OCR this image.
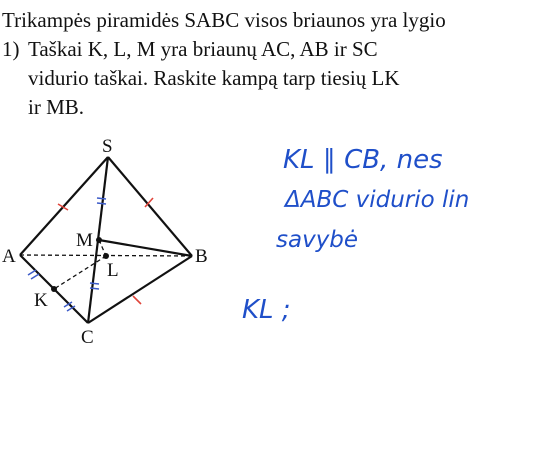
Trikampės piramidės SABC visos briaunos yra lygio
1) Taškai K, L, M yra briaunų AC, AB ir SC
vidurio taškai. Raskite kampą tarp tiesių LK
ir MB.
S
A	B
C
M
L
K
KL ∥ CB, nes
ΔABC vidurio lin
savybė
KL ;
